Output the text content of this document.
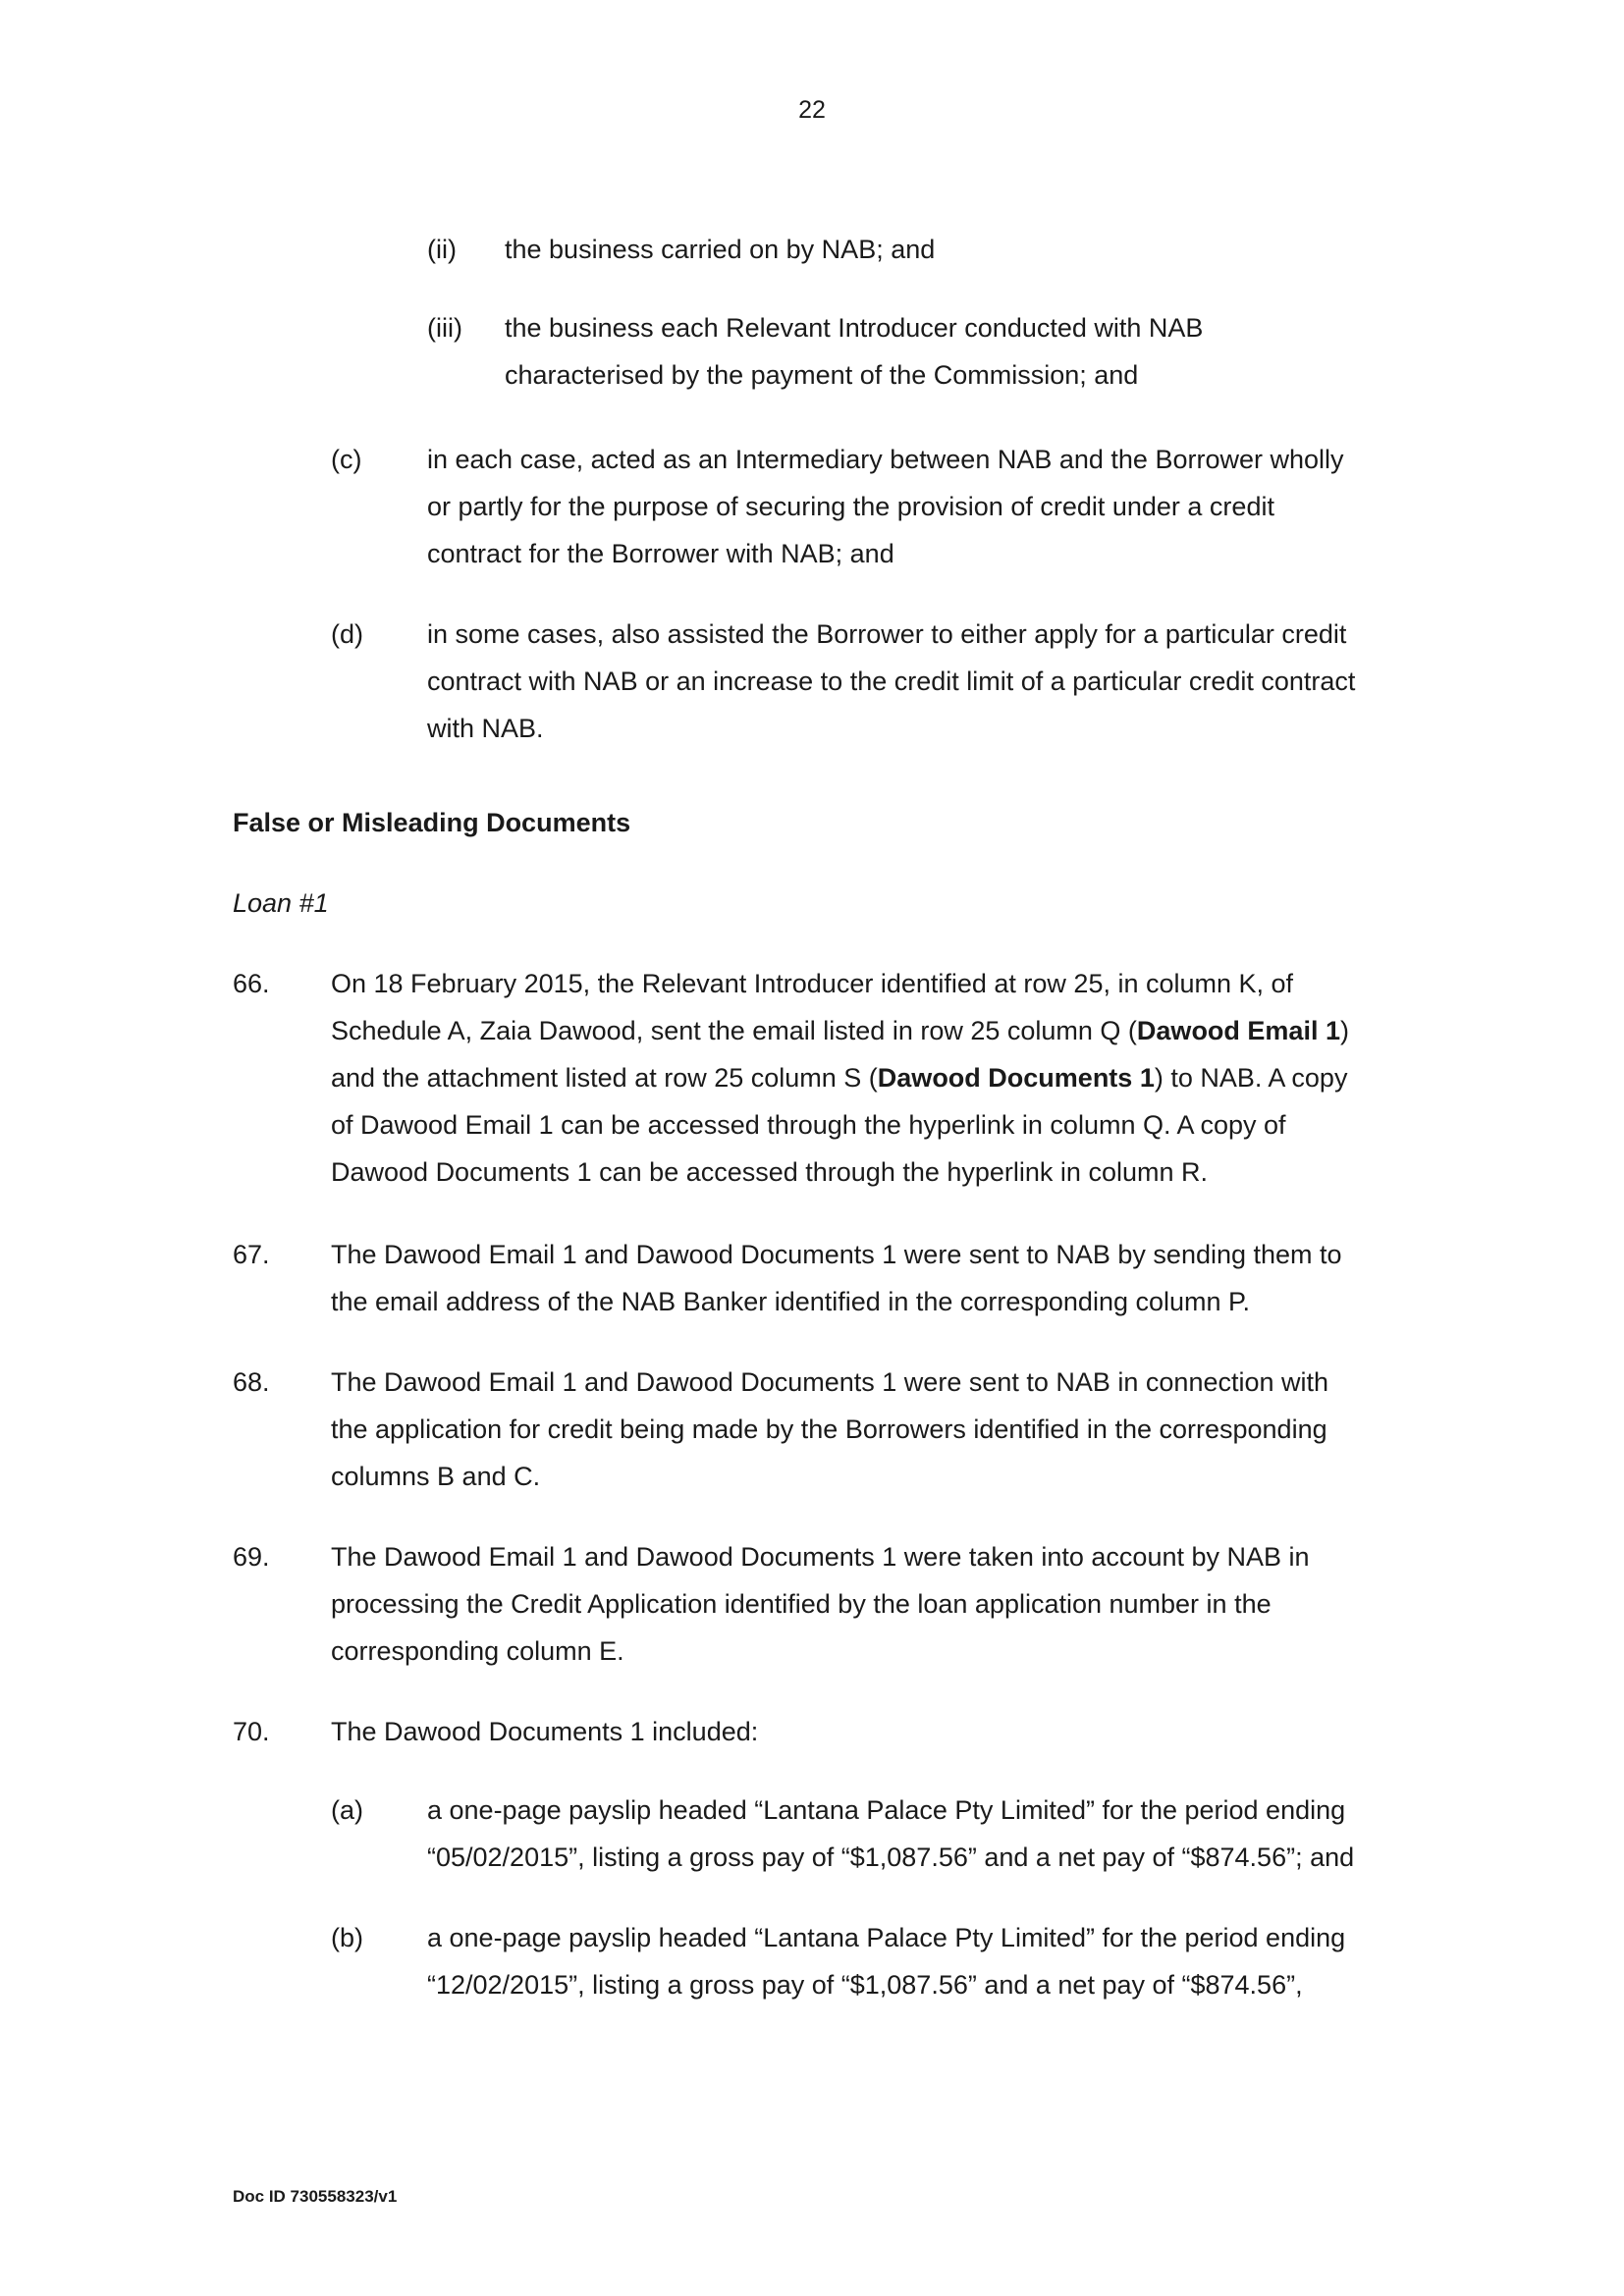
22
(ii) the business carried on by NAB; and
(iii) the business each Relevant Introducer conducted with NAB
characterised by the payment of the Commission; and
(c) in each case, acted as an Intermediary between NAB and the Borrower wholly
or partly for the purpose of securing the provision of credit under a credit
contract for the Borrower with NAB; and
(d) in some cases, also assisted the Borrower to either apply for a particular credit
contract with NAB or an increase to the credit limit of a particular credit contract
with NAB.
False or Misleading Documents
Loan #1
66. On 18 February 2015, the Relevant Introducer identified at row 25, in column K, of
Schedule A, Zaia Dawood, sent the email listed in row 25 column Q (Dawood Email 1)
and the attachment listed at row 25 column S (Dawood Documents 1) to NAB. A copy
of Dawood Email 1 can be accessed through the hyperlink in column Q. A copy of
Dawood Documents 1 can be accessed through the hyperlink in column R.
67. The Dawood Email 1 and Dawood Documents 1 were sent to NAB by sending them to
the email address of the NAB Banker identified in the corresponding column P.
68. The Dawood Email 1 and Dawood Documents 1 were sent to NAB in connection with
the application for credit being made by the Borrowers identified in the corresponding
columns B and C.
69. The Dawood Email 1 and Dawood Documents 1 were taken into account by NAB in
processing the Credit Application identified by the loan application number in the
corresponding column E.
70. The Dawood Documents 1 included:
(a) a one-page payslip headed “Lantana Palace Pty Limited” for the period ending
“05/02/2015”, listing a gross pay of “$1,087.56” and a net pay of “$874.56”; and
(b) a one-page payslip headed “Lantana Palace Pty Limited” for the period ending
“12/02/2015”, listing a gross pay of “$1,087.56” and a net pay of “$874.56”,
Doc ID 730558323/v1
